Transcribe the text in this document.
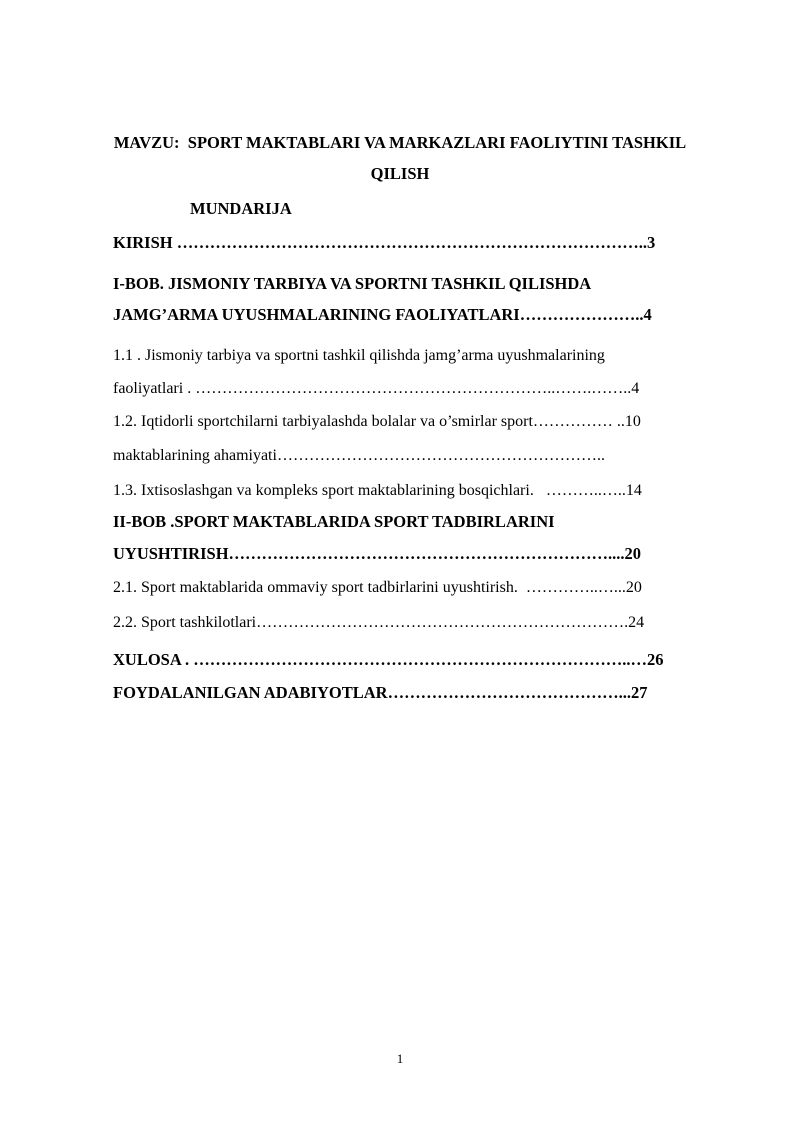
MAVZU:  SPORT MAKTABLARI VA MARKAZLARI FAOLIYTINI TASHKIL
QILISH
MUNDARIJA
KIRISH …………………………………………………………………………..3
I-BOB. JISMONIY TARBIYA VA SPORTNI TASHKIL QILISHDA
JAMG’ARMA UYUSHMALARINING FAOLIYATLARI…………………..4
1.1 . Jismoniy tarbiya va sportni tashkil qilishda jamg’arma uyushmalarining
faoliyatlari . …………………………………………………………..…….……..4
1.2. Iqtidorli sportchilarni tarbiyalashda bolalar va o’smirlar sport…………… ..10
maktablarining ahamiyati……………………………………………………..
1.3. Ixtisoslashgan va kompleks sport maktablarining bosqichlari.   ………..…..14
II-BOB .SPORT MAKTABLARIDA SPORT TADBIRLARINI
UYUSHTIRISH……………………………………………………………....20
2.1. Sport maktablarida ommaviy sport tadbirlarini uyushtirish.  …………..…...20
2.2. Sport tashkilotlari…………………………………………………………….24
XULOSA . ……………………………………………………………………..…26
FOYDALANILGAN ADABIYOTLAR……………………………………...27
1
